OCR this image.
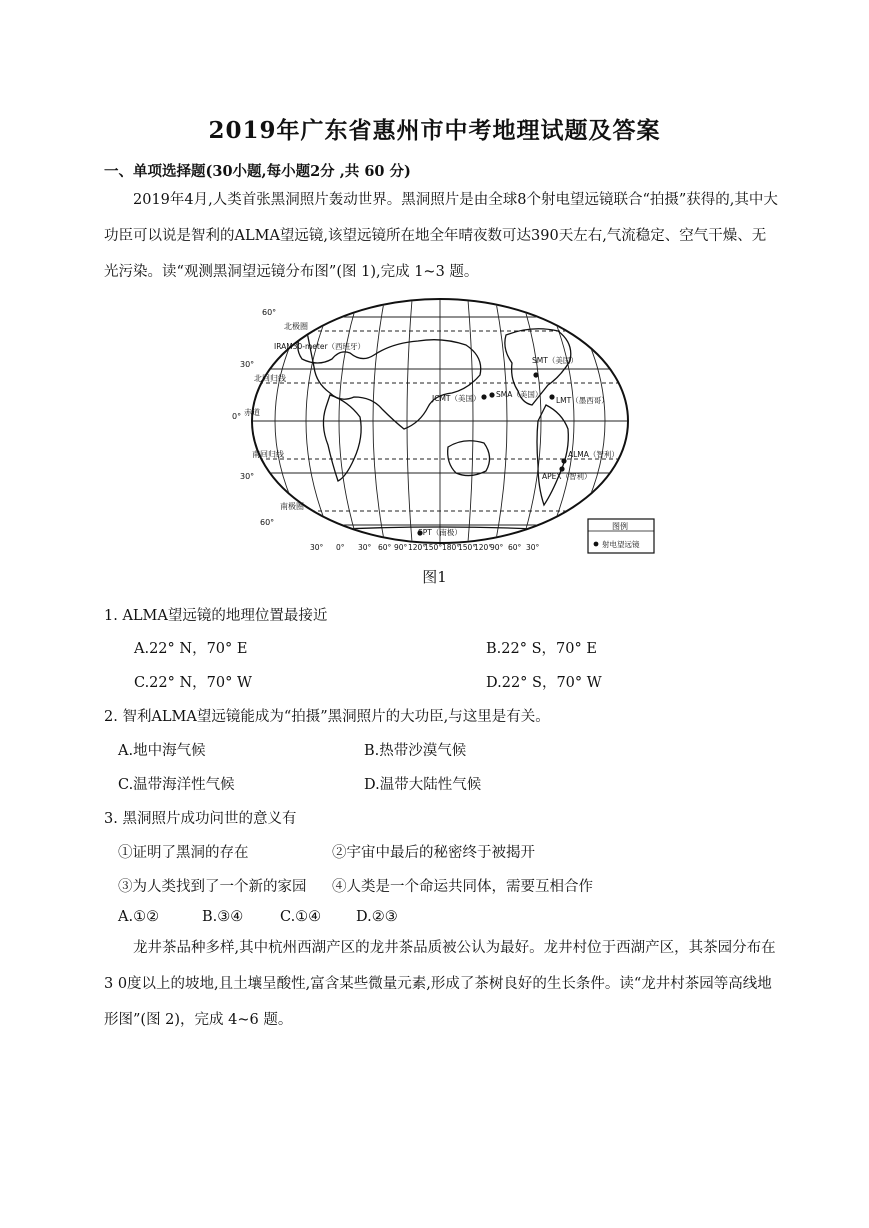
2019年广东省惠州市中考地理试题及答案
一、单项选择题(30小题,每小题2分 ,共 60 分)
2019年4月,人类首张黑洞照片轰动世界。黑洞照片是由全球8个射电望远镜联合“拍摄”获得的,其中大功臣可以说是智利的ALMA望远镜,该望远镜所在地全年晴夜数可达390天左右,气流稳定、空气干燥、无光污染。读“观测黑洞望远镜分布图”(图 1),完成 1~3 题。
60°
北极圈
30°
北回归线
0° 赤道
南回归线
30°
南极圈
60°
IRAM30-meter（西班牙）
SMT（美国）
JCMT（美国） SMA（美国）
LMT（墨西哥）
ALMA（智利）
APEX（智利）
SPT（南极）
图例
射电望远镜
30° 0° 30° 60° 90° 120°
150° 180°
150°
120°
90° 60° 30°
图1
1. ALMA望远镜的地理位置最接近
A.22° N，70° E	B.22° S，70° E
C.22° N，70° W	D.22° S，70° W
2. 智利ALMA望远镜能成为“拍摄”黑洞照片的大功臣,与这里是有关。
A.地中海气候	B.热带沙漠气候
C.温带海洋性气候	D.温带大陆性气候
3. 黑洞照片成功问世的意义有
①证明了黑洞的存在	②宇宙中最后的秘密终于被揭开
③为人类找到了一个新的家园 ④人类是一个命运共同体，需要互相合作
A.①②	B.③④	C.①④ D.②③
龙井茶品种多样,其中杭州西湖产区的龙井茶品质被公认为最好。龙井村位于西湖产区，其茶园分布在3 0度以上的坡地,且土壤呈酸性,富含某些微量元素,形成了茶树良好的生长条件。读“龙井村茶园等高线地形图”(图 2)，完成 4~6 题。
